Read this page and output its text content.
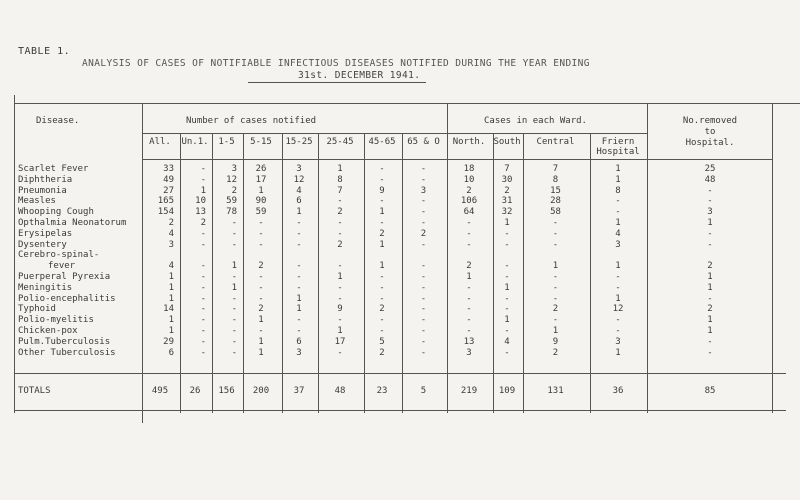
TABLE 1.
ANALYSIS OF CASES OF NOTIFIABLE INFECTIOUS DISEASES NOTIFIED DURING THE YEAR ENDING
31st. DECEMBER 1941.
Disease.	Number of cases notified	Cases in each Ward.	No.removed
to
Hospital.
All.	Un.1.	1-5	5-15	15-25	25-45	45-65	65 & O	North. South	Central	Friern
Hospital
Scarlet Fever	33	-	3	26	3	1	-	-	18	7	7	1	25
Diphtheria	49	-	12	17	12	8	-	-	10	30	8	1	48
Pneumonia	27	1	2	1	4	7	9	3	2	2	15	8	-
Measles	165	10	59	90	6	-	-	-	106	31	28	-	-
Whooping Cough	154	13	78	59	1	2	1	-	64	32	58	-	3
Opthalmia Neonatorum	2	2	-	-	-	-	-	-	-	1	-	1	1
Erysipelas	4	-	-	-	-	-	2	2	-	-	-	4	-
Dysentery	3	-	-	-	-	2	1	-	-	-	-	3	-
Cerebro-spinal-
fever	4	-	1	2	-	-	1	-	2	-	1	1	2
Puerperal Pyrexia	1	-	-	-	-	1	-	-	1	-	-	-	1
Meningitis	1	-	1	-	-	-	-	-	-	1	-	-	1
Polio-encephalitis	1	-	-	-	1	-	-	-	-	-	-	1	-
Typhoid	14	-	-	2	1	9	2	-	-	-	2	12	2
Polio-myelitis	1	-	-	1	-	-	-	-	-	1	-	-	1
Chicken-pox	1	-	-	-	-	1	-	-	-	-	1	-	1
Pulm.Tuberculosis	29	-	-	1	6	17	5	-	13	4	9	3	-
Other Tuberculosis	6	-	-	1	3	-	2	-	3	-	2	1	-
TOTALS	495	26	156	200	37	48	23	5	219	109	131	36	85
